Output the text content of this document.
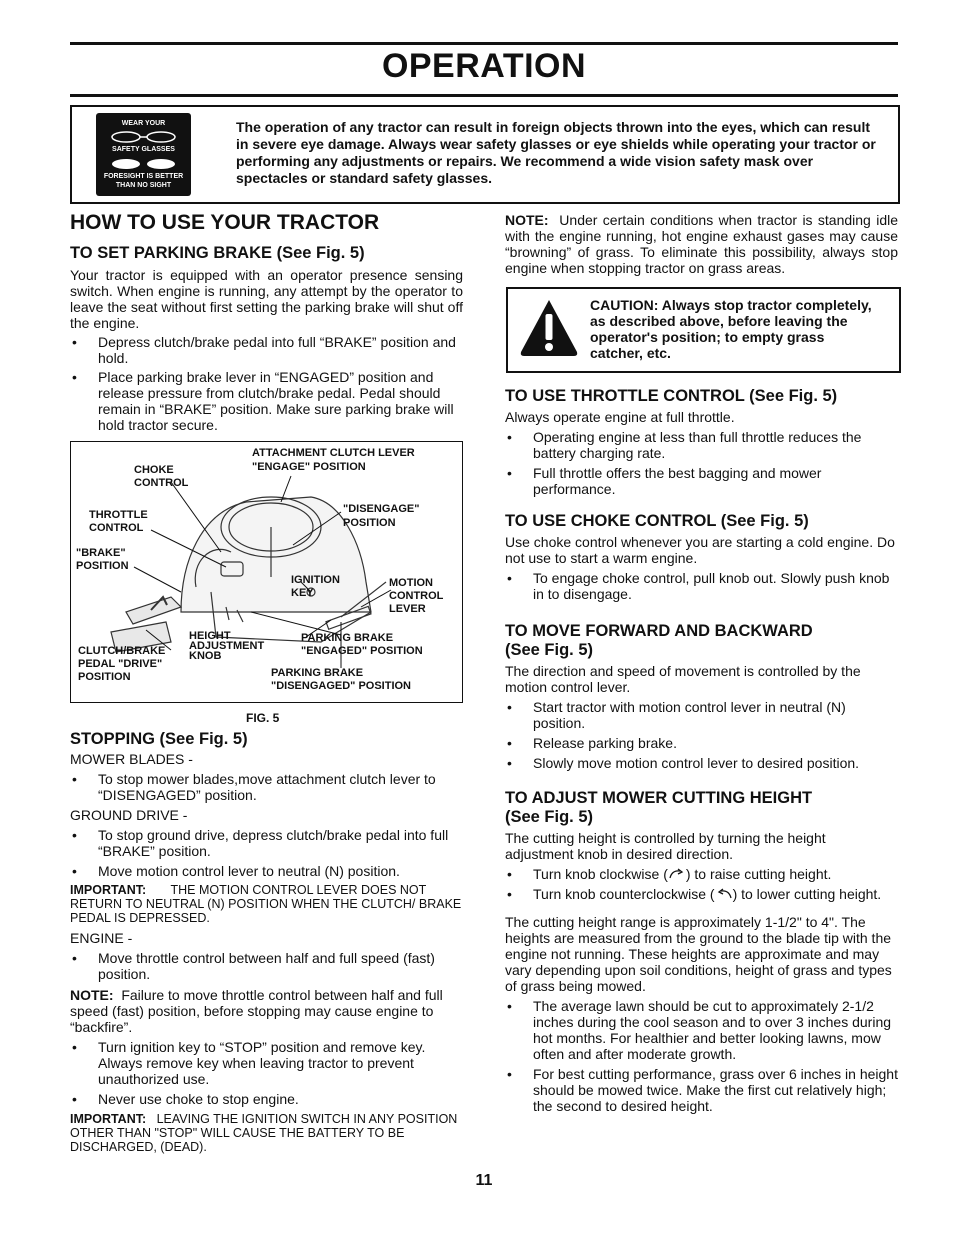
OPERATION
WEAR YOUR
SAFETY GLASSES
FORESIGHT IS BETTER
THAN NO SIGHT
The operation of any tractor can result in foreign objects thrown into the eyes, which can result in severe eye damage. Always wear safety glasses or eye shields while operating your tractor or performing any adjustments or repairs. We recommend a wide vision safety mask over spectacles or standard safety glasses.

HOW TO USE YOUR TRACTOR

TO SET PARKING BRAKE (See Fig. 5)

Your tractor is equipped with an operator presence sensing switch. When engine is running, any attempt by the operator to leave the seat without first setting the parking brake will shut off the engine.

• Depress clutch/brake pedal into full “BRAKE” position and hold.

• Place parking brake lever in “ENGAGED” position and release pressure from clutch/brake pedal. Pedal should remain in “BRAKE” position. Make sure parking brake will hold tractor secure.

ATTACHMENT CLUTCH LEVER
"ENGAGE" POSITION
CHOKE
CONTROL
"DISENGAGE"
POSITION
THROTTLE
CONTROL
"BRAKE"
POSITION
IGNITION
KEY
MOTION
CONTROL
LEVER
HEIGHT
ADJUSTMENT
KNOB
PARKING BRAKE
"ENGAGED" POSITION
CLUTCH/BRAKE
PEDAL "DRIVE"
POSITION	PARKING BRAKE
"DISENGAGED" POSITION
FIG. 5

STOPPING (See Fig. 5)

MOWER BLADES -

• To stop mower blades,move attachment clutch lever to “DISENGAGED” position.

GROUND DRIVE -

• To stop ground drive, depress clutch/brake pedal into full “BRAKE” position.

• Move motion control lever to neutral (N) position.

IMPORTANT: THE MOTION CONTROL LEVER DOES NOT RETURN TO NEUTRAL (N) POSITION WHEN THE CLUTCH/ BRAKE PEDAL IS DEPRESSED.

ENGINE -

• Move throttle control between half and full speed (fast) position.

NOTE: Failure to move throttle control between half and full speed (fast) position, before stopping may cause engine to “backfire”.

• Turn ignition key to “STOP” position and remove key. Always remove key when leaving tractor to prevent unauthorized use.

• Never use choke to stop engine.

IMPORTANT: LEAVING THE IGNITION SWITCH IN ANY POSITION OTHER THAN "STOP" WILL CAUSE THE BATTERY TO BE DISCHARGED, (DEAD).

NOTE: Under certain conditions when tractor is standing idle with the engine running, hot engine exhaust gases may cause “browning” of grass. To eliminate this possibility, always stop engine when stopping tractor on grass areas.

CAUTION: Always stop tractor completely, as described above, before leaving the operator's position; to empty grass catcher, etc.

TO USE THROTTLE CONTROL (See Fig. 5)

Always operate engine at full throttle.

• Operating engine at less than full throttle reduces the battery charging rate.

• Full throttle offers the best bagging and mower performance.

TO USE CHOKE CONTROL (See Fig. 5)

Use choke control whenever you are starting a cold engine. Do not use to start a warm engine.

• To engage choke control, pull knob out. Slowly push knob in to disengage.

TO MOVE FORWARD AND BACKWARD

(See Fig. 5)

The direction and speed of movement is controlled by the motion control lever.

• Start tractor with motion control lever in neutral (N) position.

• Release parking brake.

• Slowly move motion control lever to desired position.

TO ADJUST MOWER CUTTING HEIGHT

(See Fig. 5)

The cutting height is controlled by turning the height adjustment knob in desired direction.

• Turn knob clockwise ( ) to raise cutting height.

• Turn knob counterclockwise ( ) to lower cutting height.

The cutting height range is approximately 1-1/2" to 4". The heights are measured from the ground to the blade tip with the engine not running. These heights are approximate and may vary depending upon soil conditions, height of grass and types of grass being mowed.

• The average lawn should be cut to approximately 2-1/2 inches during the cool season and to over 3 inches during hot months. For healthier and better looking lawns, mow often and after moderate growth.

• For best cutting performance, grass over 6 inches in height should be mowed twice. Make the first cut relatively high; the second to desired height.

11
